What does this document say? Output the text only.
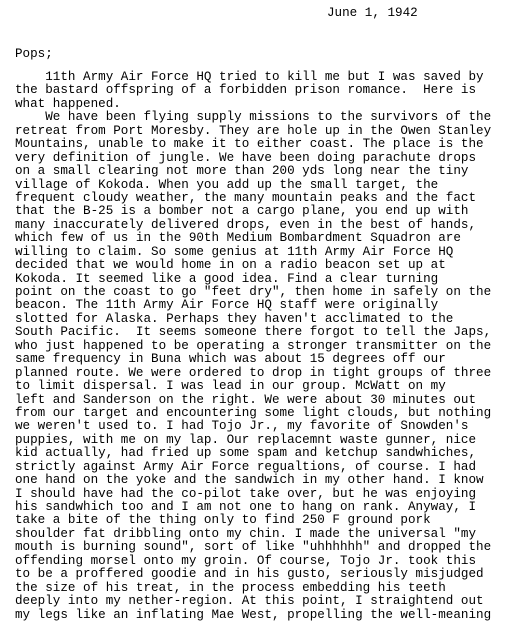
June 1, 1942
Pops;
11th Army Air Force HQ tried to kill me but I was saved by
the bastard offspring of a forbidden prison romance.  Here is
what happened.
We have been flying supply missions to the survivors of the
retreat from Port Moresby. They are hole up in the Owen Stanley
Mountains, unable to make it to either coast. The place is the
very definition of jungle. We have been doing parachute drops
on a small clearing not more than 200 yds long near the tiny
village of Kokoda. When you add up the small target, the
frequent cloudy weather, the many mountain peaks and the fact
that the B-25 is a bomber not a cargo plane, you end up with
many inaccurately delivered drops, even in the best of hands,
which few of us in the 90th Medium Bombardment Squadron are
willing to claim. So some genius at 11th Army Air Force HQ
decided that we would home in on a radio beacon set up at
Kokoda. It seemed like a good idea. Find a clear turning
point on the coast to go "feet dry", then home in safely on the
beacon. The 11th Army Air Force HQ staff were originally
slotted for Alaska. Perhaps they haven't acclimated to the
South Pacific.  It seems someone there forgot to tell the Japs,
who just happened to be operating a stronger transmitter on the
same frequency in Buna which was about 15 degrees off our
planned route. We were ordered to drop in tight groups of three
to limit dispersal. I was lead in our group. McWatt on my
left and Sanderson on the right. We were about 30 minutes out
from our target and encountering some light clouds, but nothing
we weren't used to. I had Tojo Jr., my favorite of Snowden's
puppies, with me on my lap. Our replacemnt waste gunner, nice
kid actually, had fried up some spam and ketchup sandwhiches,
strictly against Army Air Force regualtions, of course. I had
one hand on the yoke and the sandwich in my other hand. I know
I should have had the co-pilot take over, but he was enjoying
his sandwhich too and I am not one to hang on rank. Anyway, I
take a bite of the thing only to find 250 F ground pork
shoulder fat dribbling onto my chin. I made the universal "my
mouth is burning sound", sort of like "uhhhhhh" and dropped the
offending morsel onto my groin. Of course, Tojo Jr. took this
to be a proffered goodie and in his gusto, seriously misjudged
the size of his treat, in the process embedding his teeth
deeply into my nether-region. At this point, I straightend out
my legs like an inflating Mae West, propelling the well-meaning
